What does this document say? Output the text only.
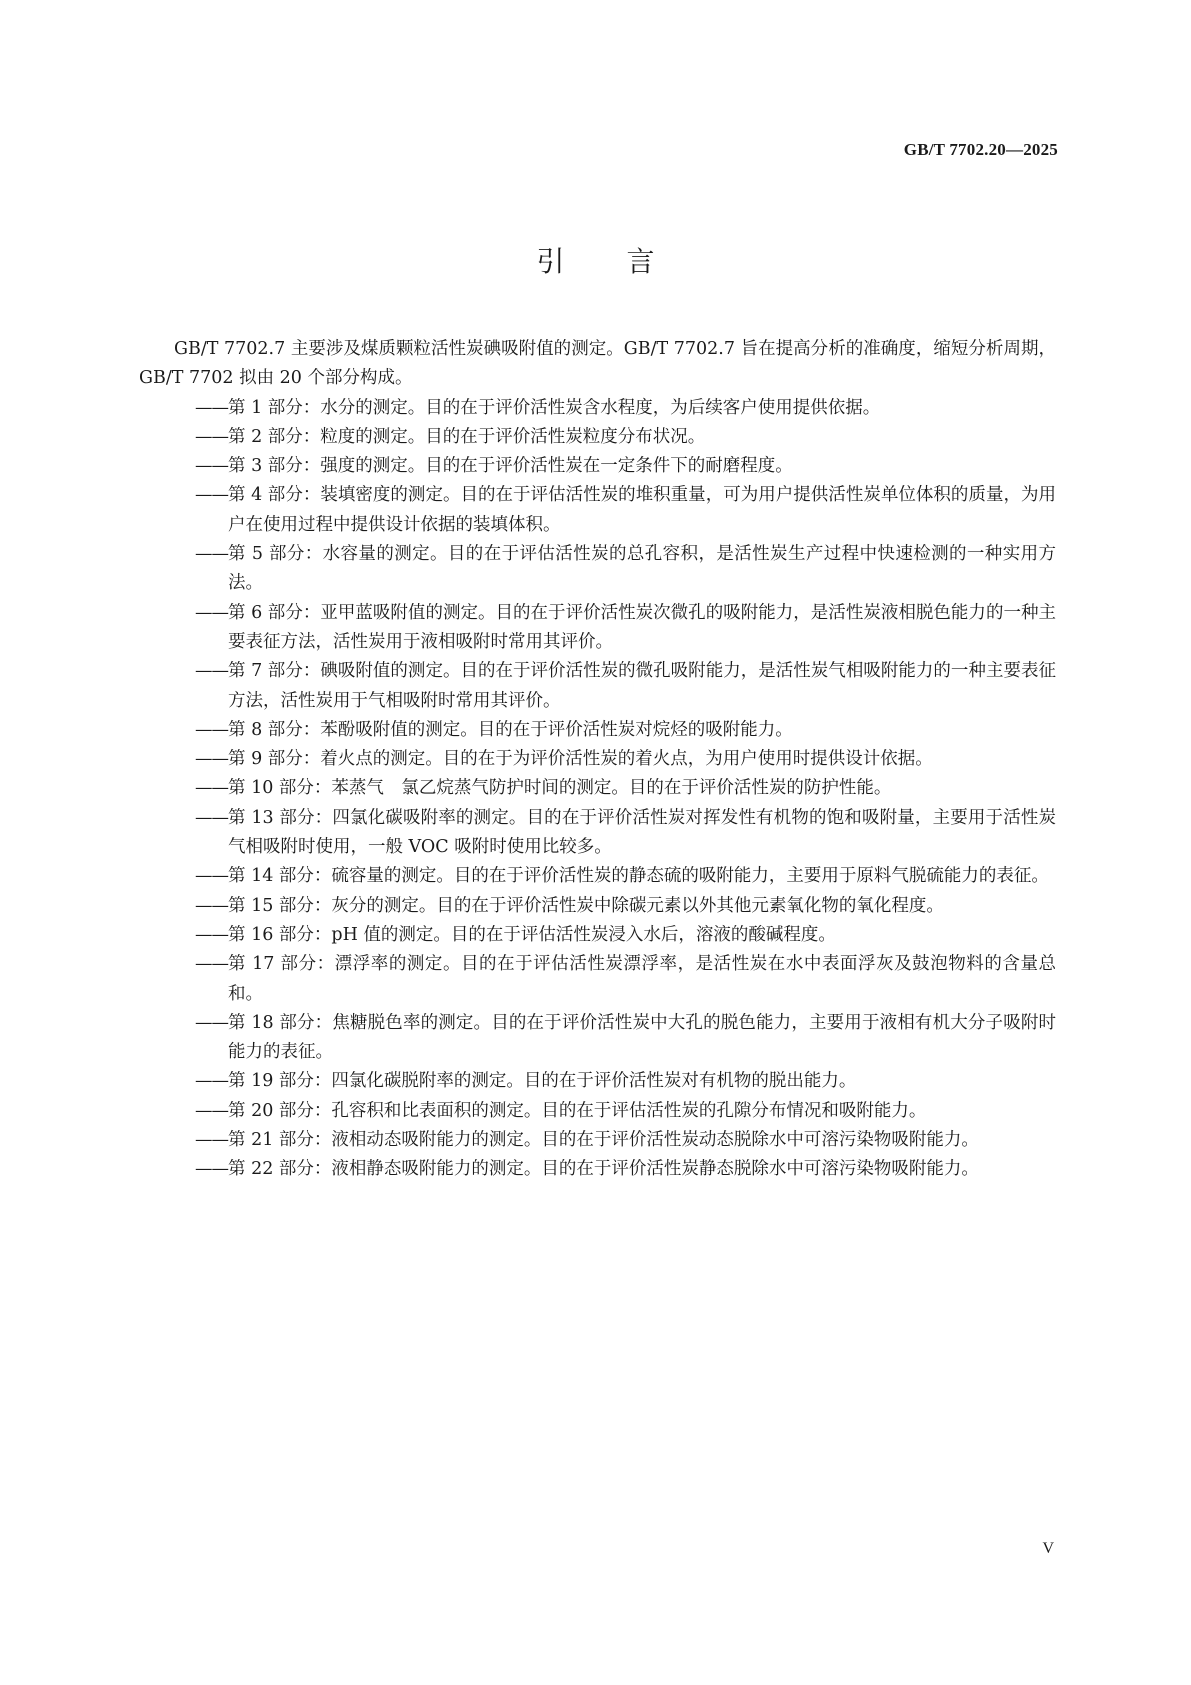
GB/T 7702.20—2025
引言

GB/T 7702.7 主要涉及煤质颗粒活性炭碘吸附值的测定。GB/T 7702.7 旨在提高分析的准确度，缩短分析周期，GB/T 7702 拟由 20 个部分构成。

—— 第 1 部分：水分的测定。目的在于评价活性炭含水程度，为后续客户使用提供依据。
—— 第 2 部分：粒度的测定。目的在于评价活性炭粒度分布状况。
—— 第 3 部分：强度的测定。目的在于评价活性炭在一定条件下的耐磨程度。
—— 第 4 部分：装填密度的测定。目的在于评估活性炭的堆积重量，可为用户提供活性炭单位体积的质量，为用户在使用过程中提供设计依据的装填体积。
—— 第 5 部分：水容量的测定。目的在于评估活性炭的总孔容积，是活性炭生产过程中快速检测的一种实用方法。
—— 第 6 部分：亚甲蓝吸附值的测定。目的在于评价活性炭次微孔的吸附能力，是活性炭液相脱色能力的一种主要表征方法，活性炭用于液相吸附时常用其评价。
—— 第 7 部分：碘吸附值的测定。目的在于评价活性炭的微孔吸附能力，是活性炭气相吸附能力的一种主要表征方法，活性炭用于气相吸附时常用其评价。
—— 第 8 部分：苯酚吸附值的测定。目的在于评价活性炭对烷烃的吸附能力。
—— 第 9 部分：着火点的测定。目的在于为评价活性炭的着火点，为用户使用时提供设计依据。
—— 第 10 部分：苯蒸气　氯乙烷蒸气防护时间的测定。目的在于评价活性炭的防护性能。
—— 第 13 部分：四氯化碳吸附率的测定。目的在于评价活性炭对挥发性有机物的饱和吸附量，主要用于活性炭气相吸附时使用，一般 VOC 吸附时使用比较多。
—— 第 14 部分：硫容量的测定。目的在于评价活性炭的静态硫的吸附能力，主要用于原料气脱硫能力的表征。
—— 第 15 部分：灰分的测定。目的在于评价活性炭中除碳元素以外其他元素氧化物的氧化程度。
—— 第 16 部分：pH 值的测定。目的在于评估活性炭浸入水后，溶液的酸碱程度。
—— 第 17 部分：漂浮率的测定。目的在于评估活性炭漂浮率，是活性炭在水中表面浮灰及鼓泡物料的含量总和。
—— 第 18 部分：焦糖脱色率的测定。目的在于评价活性炭中大孔的脱色能力，主要用于液相有机大分子吸附时能力的表征。
—— 第 19 部分：四氯化碳脱附率的测定。目的在于评价活性炭对有机物的脱出能力。
—— 第 20 部分：孔容积和比表面积的测定。目的在于评估活性炭的孔隙分布情况和吸附能力。
—— 第 21 部分：液相动态吸附能力的测定。目的在于评价活性炭动态脱除水中可溶污染物吸附能力。
—— 第 22 部分：液相静态吸附能力的测定。目的在于评价活性炭静态脱除水中可溶污染物吸附能力。
V
